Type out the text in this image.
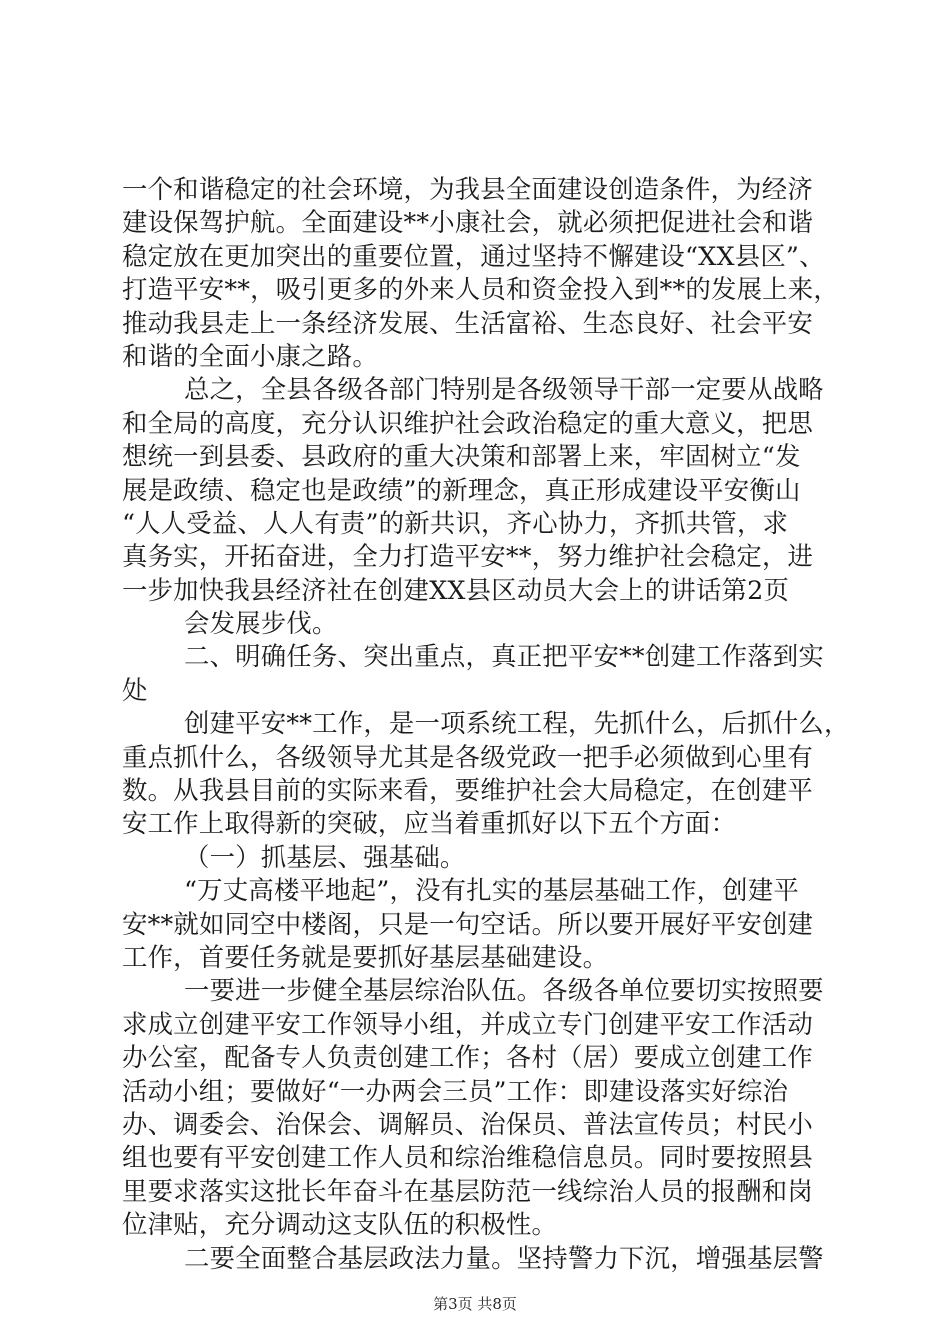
一个和谐稳定的社会环境，为我县全面建设创造条件，为经济
建设保驾护航。全面建设**小康社会，就必须把促进社会和谐
稳定放在更加突出的重要位置，通过坚持不懈建设“XX县区”、
打造平安**，吸引更多的外来人员和资金投入到**的发展上来，
推动我县走上一条经济发展、生活富裕、生态良好、社会平安
和谐的全面小康之路。
总之，全县各级各部门特别是各级领导干部一定要从战略
和全局的高度，充分认识维护社会政治稳定的重大意义，把思
想统一到县委、县政府的重大决策和部署上来，牢固树立“发
展是政绩、稳定也是政绩”的新理念，真正形成建设平安衡山
“人人受益、人人有责”的新共识，齐心协力，齐抓共管，求
真务实，开拓奋进，全力打造平安**，努力维护社会稳定，进
一步加快我县经济社在创建XX县区动员大会上的讲话第2页
会发展步伐。
二、明确任务、突出重点，真正把平安**创建工作落到实
处
创建平安**工作，是一项系统工程，先抓什么，后抓什么，
重点抓什么，各级领导尤其是各级党政一把手必须做到心里有
数。从我县目前的实际来看，要维护社会大局稳定，在创建平
安工作上取得新的突破，应当着重抓好以下五个方面：
（一）抓基层、强基础。
“万丈高楼平地起”，没有扎实的基层基础工作，创建平
安**就如同空中楼阁，只是一句空话。所以要开展好平安创建
工作，首要任务就是要抓好基层基础建设。
一要进一步健全基层综治队伍。各级各单位要切实按照要
求成立创建平安工作领导小组，并成立专门创建平安工作活动
办公室，配备专人负责创建工作；各村（居）要成立创建工作
活动小组；要做好“一办两会三员”工作：即建设落实好综治
办、调委会、治保会、调解员、治保员、普法宣传员；村民小
组也要有平安创建工作人员和综治维稳信息员。同时要按照县
里要求落实这批长年奋斗在基层防范一线综治人员的报酬和岗
位津贴，充分调动这支队伍的积极性。
二要全面整合基层政法力量。坚持警力下沉，增强基层警
第3页 共8页
